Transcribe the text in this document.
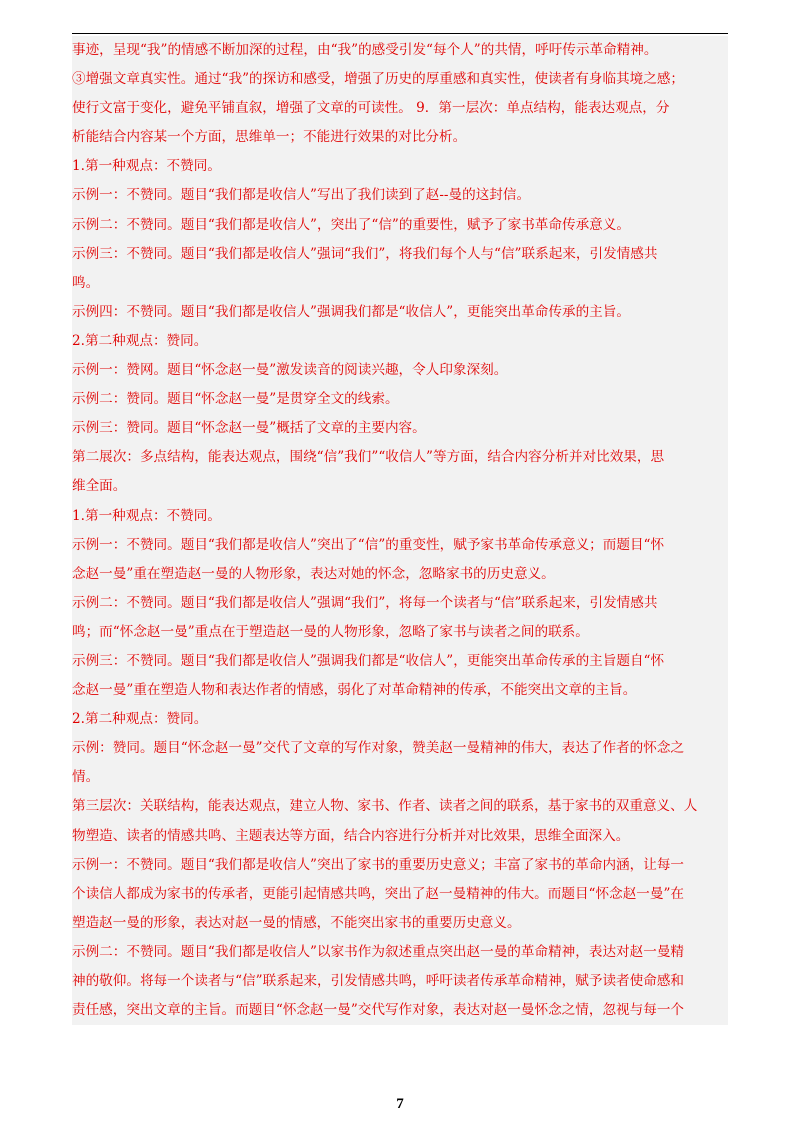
事迹，呈现“我”的情感不断加深的过程，由“我”的感受引发“每个人”的共情，呼吁传示革命精神。
③增强文章真实性。通过“我”的探访和感受，增强了历史的厚重感和真实性，使读者有身临其境之感；
使行文富于变化，避免平铺直叙，增强了文章的可读性。 9．第一层次：单点结构，能表达观点，分
析能结合内容某一个方面，思维单一；不能进行效果的对比分析。
1.第一种观点：不赞同。
示例一：不赞同。题目“我们都是收信人”写出了我们读到了赵--曼的这封信。
示例二：不赞同。题目“我们都是收信人”，突出了“信”的重要性，赋予了家书革命传承意义。
示例三：不赞同。题目“我们都是收信人”强词“我们”，将我们每个人与“信”联系起来，引发情感共
鸣。
示例四：不赞同。题目“我们都是收信人”强调我们都是“收信人”，更能突出革命传承的主旨。
2.第二种观点：赞同。
示例一：赞网。题目“怀念赵一曼”激发读音的阅读兴趣，令人印象深刻。
示例二：赞同。题目“怀念赵一曼”是贯穿全文的线索。
示例三：赞同。题目“怀念赵一曼”概括了文章的主要内容。
第二展次：多点结构，能表达观点，围绕“信”我们”“收信人”等方面，结合内容分析并对比效果，思
维全面。
1.第一种观点：不赞同。
示例一：不赞同。题目“我们都是收信人”突出了“信”的重变性，赋予家书革命传承意义；而题目“怀
念赵一曼”重在塑造赵一曼的人物形象，表达对她的怀念，忽略家书的历史意义。
示例二：不赞同。题目“我们都是收信人”强调“我们”，将每一个读者与“信”联系起来，引发情感共
鸣；而“怀念赵一曼”重点在于塑造赵一曼的人物形象，忽略了家书与读者之间的联系。
示例三：不赞同。题目“我们都是收信人”强调我们都是“收信人”，更能突出革命传承的主旨题自“怀
念赵一曼”重在塑造人物和表达作者的情感，弱化了对革命精神的传承，不能突出文章的主旨。
2.第二种观点：赞同。
示例：赞同。题目“怀念赵一曼”交代了文章的写作对象，赞美赵一曼精神的伟大，表达了作者的怀念之
情。
第三层次：关联结构，能表达观点，建立人物、家书、作者、读者之间的联系，基于家书的双重意义、人
物塑造、读者的情感共鸣、主题表达等方面，结合内容进行分析并对比效果，思维全面深入。
示例一：不赞同。题目“我们都是收信人”突出了家书的重要历史意义；丰富了家书的革命内涵，让每一
个读信人都成为家书的传承者，更能引起情感共鸣，突出了赵一曼精神的伟大。而题目“怀念赵一曼”在
塑造赵一曼的形象，表达对赵一曼的情感，不能突出家书的重要历史意义。
示例二：不赞同。题目“我们都是收信人”以家书作为叙述重点突出赵一曼的革命精神，表达对赵一曼精
神的敬仰。将每一个读者与“信”联系起来，引发情感共鸣，呼吁读者传承革命精神，赋予读者使命感和
责任感，突出文章的主旨。而题目“怀念赵一曼”交代写作对象，表达对赵一曼怀念之情，忽视与每一个
7
